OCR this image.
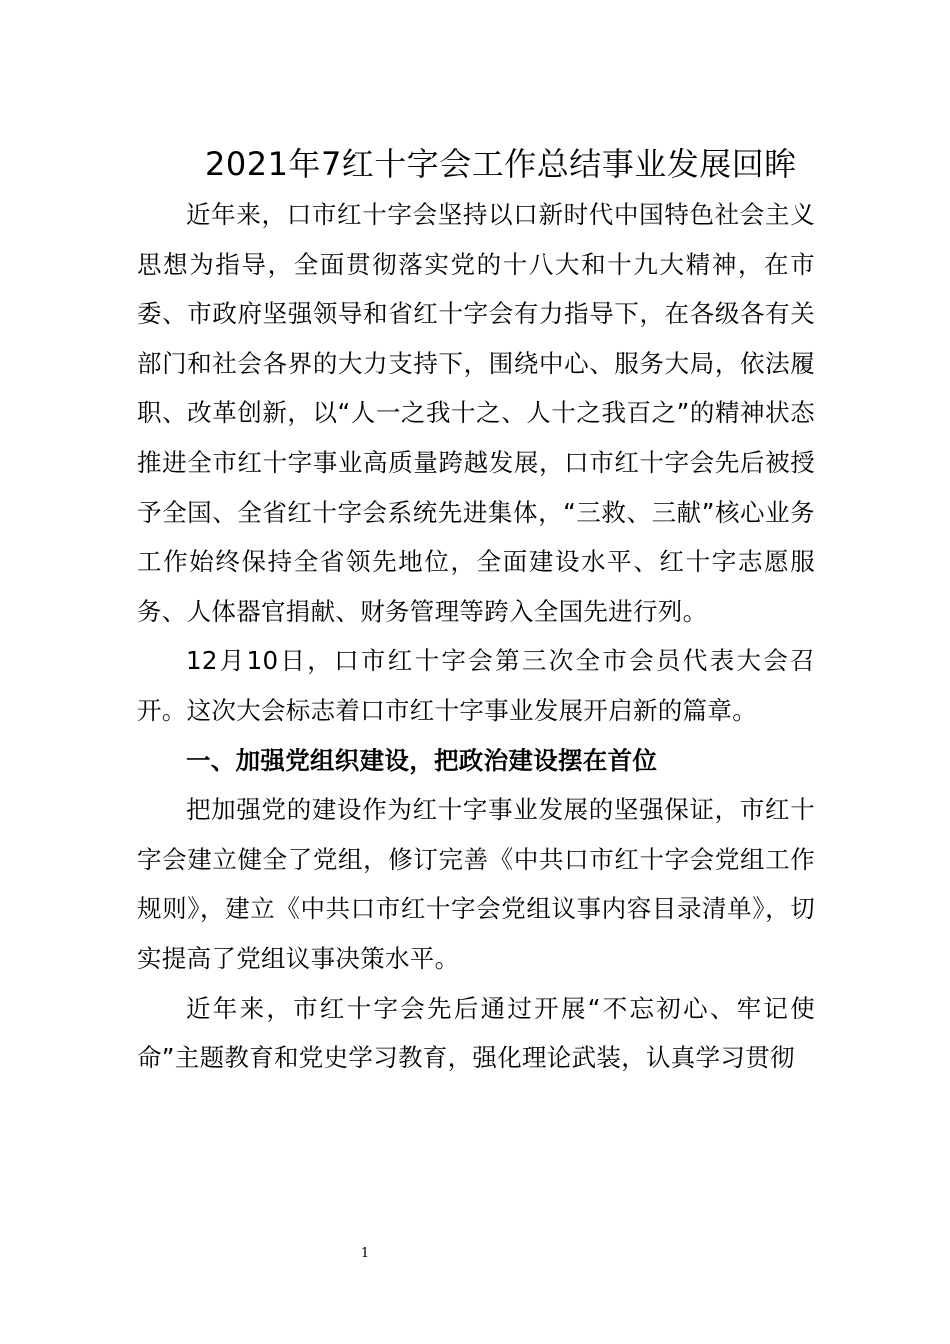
2021年7红十字会工作总结事业发展回眸

近年来，口市红十字会坚持以口新时代中国特色社会主义思想为指导，全面贯彻落实党的十八大和十九大精神，在市委、市政府坚强领导和省红十字会有力指导下，在各级各有关部门和社会各界的大力支持下，围绕中心、服务大局，依法履职、改革创新，以“人一之我十之、人十之我百之”的精神状态推进全市红十字事业高质量跨越发展，口市红十字会先后被授予全国、全省红十字会系统先进集体，“三救、三献”核心业务工作始终保持全省领先地位，全面建设水平、红十字志愿服务、人体器官捐献、财务管理等跨入全国先进行列。

12月10日，口市红十字会第三次全市会员代表大会召开。这次大会标志着口市红十字事业发展开启新的篇章。

一、加强党组织建设，把政治建设摆在首位

把加强党的建设作为红十字事业发展的坚强保证，市红十字会建立健全了党组，修订完善《中共口市红十字会党组工作规则》，建立《中共口市红十字会党组议事内容目录清单》，切实提高了党组议事决策水平。

近年来，市红十字会先后通过开展“不忘初心、牢记使命”主题教育和党史学习教育，强化理论武装，认真学习贯彻

1
